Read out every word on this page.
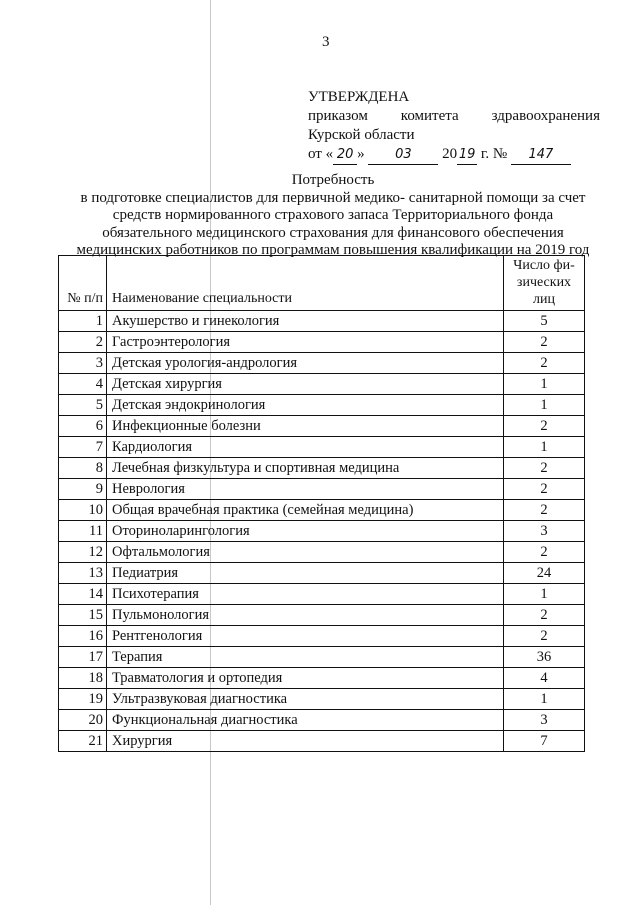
3
УТВЕРЖДЕНА
приказом комитета здравоохранения
Курской области
от « 20 » 03 20 19 г. № 147
Потребность
в подготовке специалистов для первичной медико- санитарной помощи за счет
средств нормированного страхового запаса Территориального фонда
обязательного медицинского страхования для финансового обеспечения
медицинских работников по программам повышения квалификации на 2019 год
№ п/п	Наименование специальности	Число фи-зических лиц
1	Акушерство и гинекология	5
2	Гастроэнтерология	2
3	Детская урология-андрология	2
4	Детская хирургия	1
5	Детская эндокринология	1
6	Инфекционные болезни	2
7	Кардиология	1
8	Лечебная физкультура и спортивная медицина	2
9	Неврология	2
10	Общая врачебная практика (семейная медицина)	2
11	Оториноларингология	3
12	Офтальмология	2
13	Педиатрия	24
14	Психотерапия	1
15	Пульмонология	2
16	Рентгенология	2
17	Терапия	36
18	Травматология и ортопедия	4
19	Ультразвуковая диагностика	1
20	Функциональная диагностика	3
21	Хирургия	7
